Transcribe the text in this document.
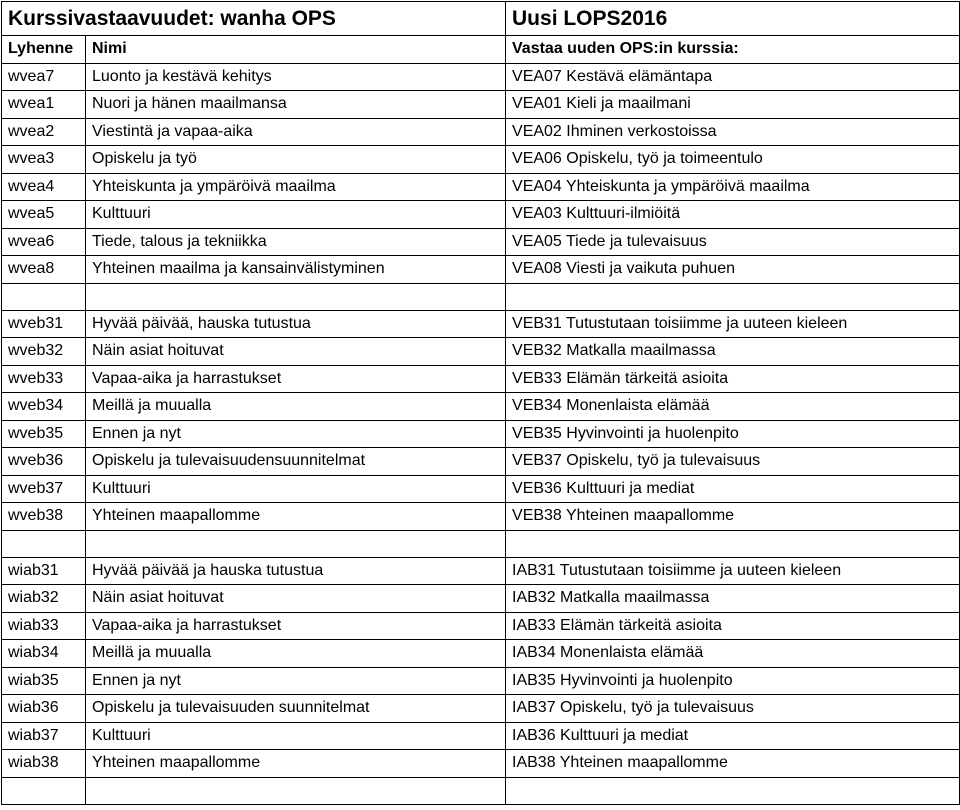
Kurssivastaavuudet: wanha OPS		Uusi LOPS2016
Lyhenne	Nimi	Vastaa uuden OPS:in kurssia:
wvea7	Luonto ja kestävä kehitys	VEA07 Kestävä elämäntapa
wvea1	Nuori ja hänen maailmansa	VEA01 Kieli ja maailmani
wvea2	Viestintä ja vapaa-aika	VEA02 Ihminen verkostoissa
wvea3	Opiskelu ja työ	VEA06 Opiskelu, työ ja toimeentulo
wvea4	Yhteiskunta ja ympäröivä maailma	VEA04 Yhteiskunta ja ympäröivä maailma
wvea5	Kulttuuri	VEA03 Kulttuuri-ilmiöitä
wvea6	Tiede, talous ja tekniikka	VEA05 Tiede ja tulevaisuus
wvea8	Yhteinen maailma ja kansainvälistyminen	VEA08 Viesti ja vaikuta puhuen

wveb31	Hyvää päivää, hauska tutustua	VEB31 Tutustutaan toisiimme ja uuteen kieleen
wveb32	Näin asiat hoituvat	VEB32 Matkalla maailmassa
wveb33	Vapaa-aika ja harrastukset	VEB33 Elämän tärkeitä asioita
wveb34	Meillä ja muualla	VEB34 Monenlaista elämää
wveb35	Ennen ja nyt	VEB35 Hyvinvointi ja huolenpito
wveb36	Opiskelu ja tulevaisuudensuunnitelmat	VEB37 Opiskelu, työ ja tulevaisuus
wveb37	Kulttuuri	VEB36 Kulttuuri ja mediat
wveb38	Yhteinen maapallomme	VEB38 Yhteinen maapallomme

wiab31	Hyvää päivää ja hauska tutustua	IAB31 Tutustutaan toisiimme ja uuteen kieleen
wiab32	Näin asiat hoituvat	IAB32 Matkalla maailmassa
wiab33	Vapaa-aika ja harrastukset	IAB33 Elämän tärkeitä asioita
wiab34	Meillä ja muualla	IAB34 Monenlaista elämää
wiab35	Ennen ja nyt	IAB35 Hyvinvointi ja huolenpito
wiab36	Opiskelu ja tulevaisuuden suunnitelmat	IAB37 Opiskelu, työ ja tulevaisuus
wiab37	Kulttuuri	IAB36 Kulttuuri ja mediat
wiab38	Yhteinen maapallomme	IAB38 Yhteinen maapallomme
